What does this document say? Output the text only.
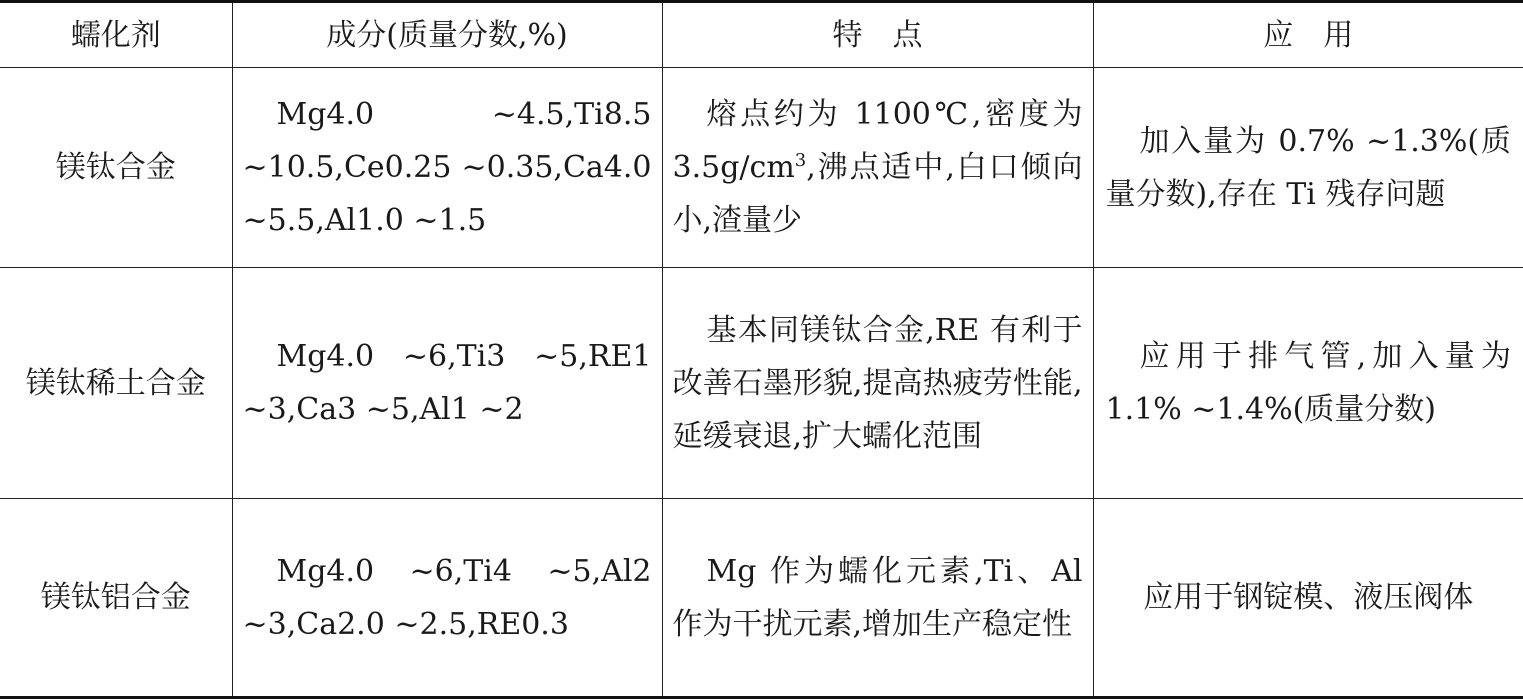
蠕化剂	成分(质量分数,%)	特　点	应　用
镁钛合金	Mg4.0 ~4.5,Ti8.5 ~10.5,Ce0.25 ~0.35,Ca4.0 ~5.5,Al1.0 ~1.5	熔点约为 1100℃,密度为$3.5g/cm^3$,沸点适中,白口倾向小,渣量少	加入量为 0.7% ~1.3%(质量分数),存在 Ti 残存问题
镁钛稀土合金	Mg4.0 ~6,Ti3 ~5,RE1 ~3,Ca3 ~5,Al1 ~2	基本同镁钛合金,RE 有利于改善石墨形貌,提高热疲劳性能,延缓衰退,扩大蠕化范围	应用于排气管,加入量为1.1% ~1.4%(质量分数)
镁钛铝合金	Mg4.0 ~6,Ti4 ~5,Al2 ~3,Ca2.0 ~2.5,RE0.3	Mg 作为蠕化元素,Ti、Al 作为干扰元素,增加生产稳定性	应用于钢锭模、液压阀体
